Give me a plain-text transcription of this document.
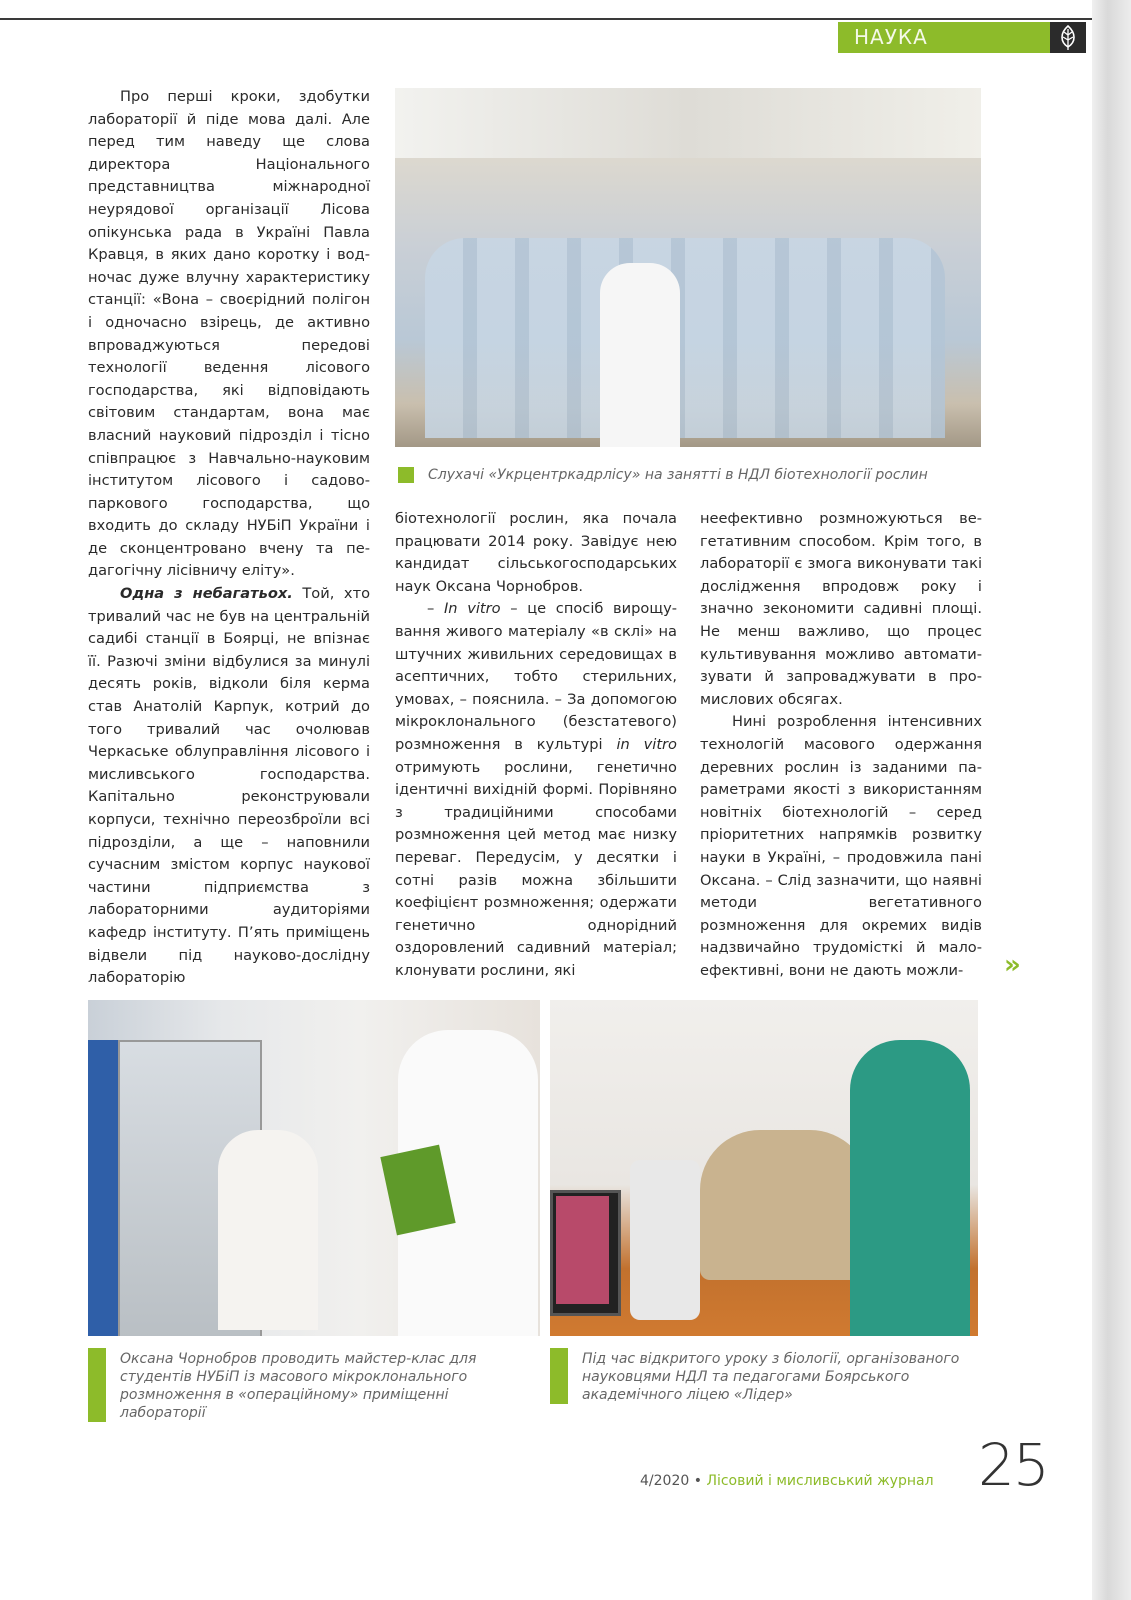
НАУКА
Слухачі «Укрцентркадрлісу» на занятті в НДЛ біотехнології рослин

Про перші кроки, здобутки лабораторії й піде мова далі. Але перед тим наведу ще слова директора Національного представництва міжнародної неурядової організації Лісова опікунська рада в Україні Павла Кравця, в яких дано коротку і водночас дуже влучну характеристику станції: «Вона – своєрідний полігон і одночасно взірець, де активно впроваджуються передові технології ведення лісового господарства, які відповідають світовим стандартам, вона має власний науковий підрозділ і тісно співпрацює з Навчально-науковим інститутом лісового і садово-паркового господарства, що входить до складу НУБіП України і де сконцентровано вчену та педагогічну лісівничу еліту».

Одна з небагатьох. Той, хто тривалий час не був на центральній садибі станції в Боярці, не впізнає її. Разючі зміни відбулися за минулі десять років, відколи біля керма став Анатолій Карпук, котрий до того тривалий час очолював Черкаське облуправління лісового і мисливського господарства. Капітально реконструювали корпуси, технічно переозброїли всі підрозділи, а ще – наповнили сучасним змістом корпус наукової частини підприємства з лабораторними аудиторіями кафедр інституту. П’ять приміщень відвели під науково-дослідну лабораторію

біотехнології рослин, яка почала працювати 2014 року. Завідує нею кандидат сільськогосподарських наук Оксана Чорнобров.

– In vitro – це спосіб вирощування живого матеріалу «в склі» на штучних живильних середовищах в асептичних, тобто стерильних, умовах, – пояснила. – За допомогою мікроклонального (безстатевого) розмноження в культурі in vitro отримують рослини, генетично ідентичні вихідній формі. Порівняно з традиційними способами розмноження цей метод має низку переваг. Передусім, у десятки і сотні разів можна збільшити коефіцієнт розмноження; одержати генетично однорідний оздоровлений садивний матеріал; клонувати рослини, які

неефективно розмножуються вегетативним способом. Крім того, в лабораторії є змога виконувати такі дослідження впродовж року і значно зекономити садивні площі. Не менш важливо, що процес культивування можливо автоматизувати й запроваджувати в промислових обсягах.

Нині розроблення інтенсивних технологій масового одержання деревних рослин із заданими параметрами якості з використанням новітніх біотехнологій – серед пріоритетних напрямків розвитку науки в Україні, – продовжила пані Оксана. – Слід зазначити, що наявні методи вегетативного розмноження для окремих видів надзвичайно трудомісткі й малоефективні, вони не дають можли-	»
Оксана Чорнобров проводить майстер-клас для студентів НУБіП із масового мікроклонального розмноження в «операційному» приміщенні лабораторії
Під час відкритого уроку з біології, організованого науковцями НДЛ та педагогами Боярського академічного ліцею «Лідер»
4/2020 • Лісовий і мисливський журнал 25
